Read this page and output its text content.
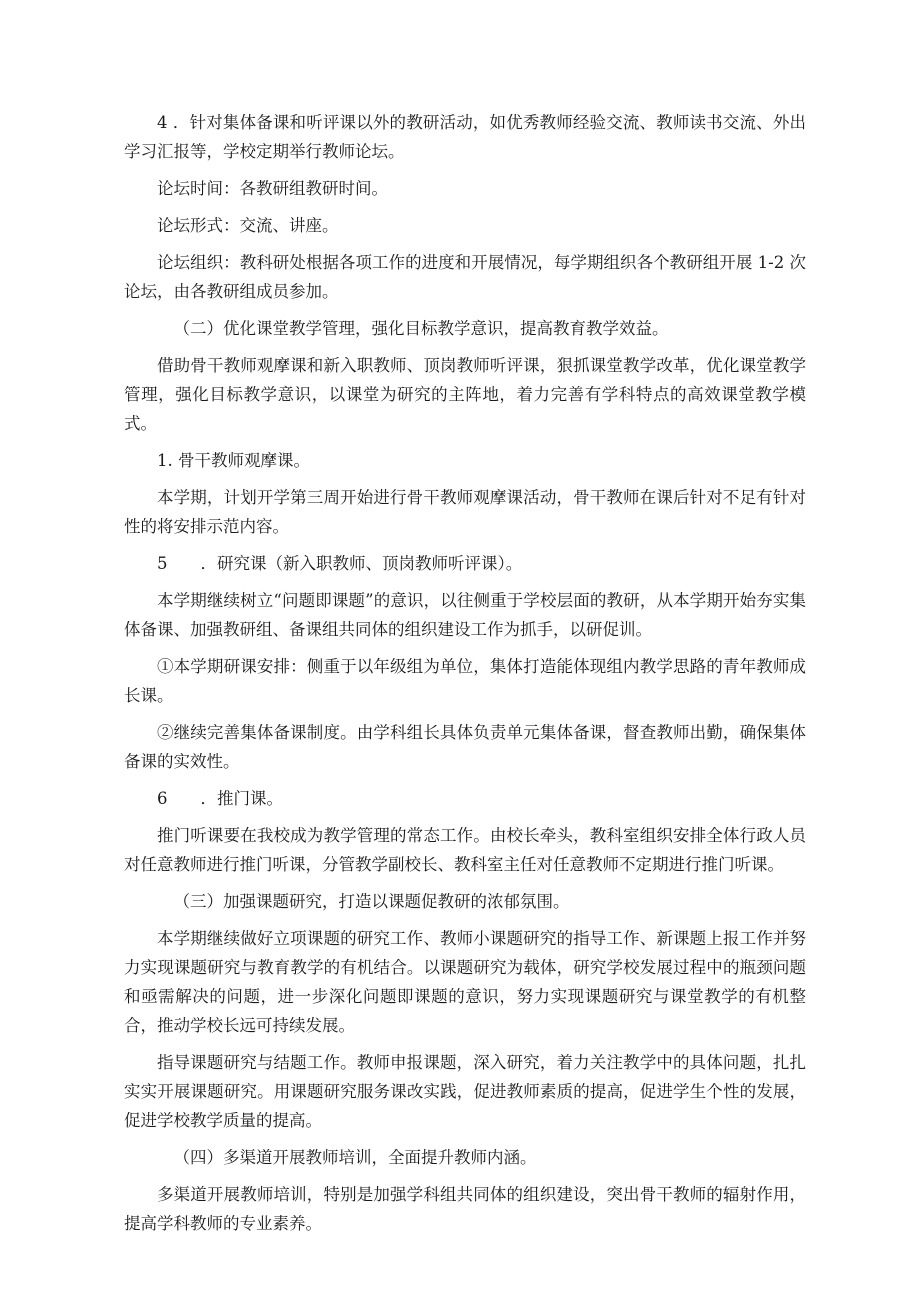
4 ．针对集体备课和听评课以外的教研活动，如优秀教师经验交流、教师读书交流、外出学习汇报等，学校定期举行教师论坛。

论坛时间：各教研组教研时间。

论坛形式：交流、讲座。

论坛组织：教科研处根据各项工作的进度和开展情况，每学期组织各个教研组开展 1-2 次论坛，由各教研组成员参加。

（二）优化课堂教学管理，强化目标教学意识，提高教育教学效益。

借助骨干教师观摩课和新入职教师、顶岗教师听评课，狠抓课堂教学改革，优化课堂教学管理，强化目标教学意识，以课堂为研究的主阵地，着力完善有学科特点的高效课堂教学模式。

1. 骨干教师观摩课。

本学期，计划开学第三周开始进行骨干教师观摩课活动，骨干教师在课后针对不足有针对性的将安排示范内容。

5　　．研究课（新入职教师、顶岗教师听评课）。

本学期继续树立“问题即课题”的意识，以往侧重于学校层面的教研，从本学期开始夯实集体备课、加强教研组、备课组共同体的组织建设工作为抓手，以研促训。

①本学期研课安排：侧重于以年级组为单位，集体打造能体现组内教学思路的青年教师成长课。

②继续完善集体备课制度。由学科组长具体负责单元集体备课，督查教师出勤，确保集体备课的实效性。

6　　．推门课。

推门听课要在我校成为教学管理的常态工作。由校长牵头，教科室组织安排全体行政人员对任意教师进行推门听课，分管教学副校长、教科室主任对任意教师不定期进行推门听课。

（三）加强课题研究，打造以课题促教研的浓郁氛围。

本学期继续做好立项课题的研究工作、教师小课题研究的指导工作、新课题上报工作并努力实现课题研究与教育教学的有机结合。以课题研究为载体，研究学校发展过程中的瓶颈问题和亟需解决的问题，进一步深化问题即课题的意识，努力实现课题研究与课堂教学的有机整合，推动学校长远可持续发展。

指导课题研究与结题工作。教师申报课题，深入研究，着力关注教学中的具体问题，扎扎实实开展课题研究。用课题研究服务课改实践，促进教师素质的提高，促进学生个性的发展，促进学校教学质量的提高。

（四）多渠道开展教师培训，全面提升教师内涵。

多渠道开展教师培训，特别是加强学科组共同体的组织建设，突出骨干教师的辐射作用，提高学科教师的专业素养。
